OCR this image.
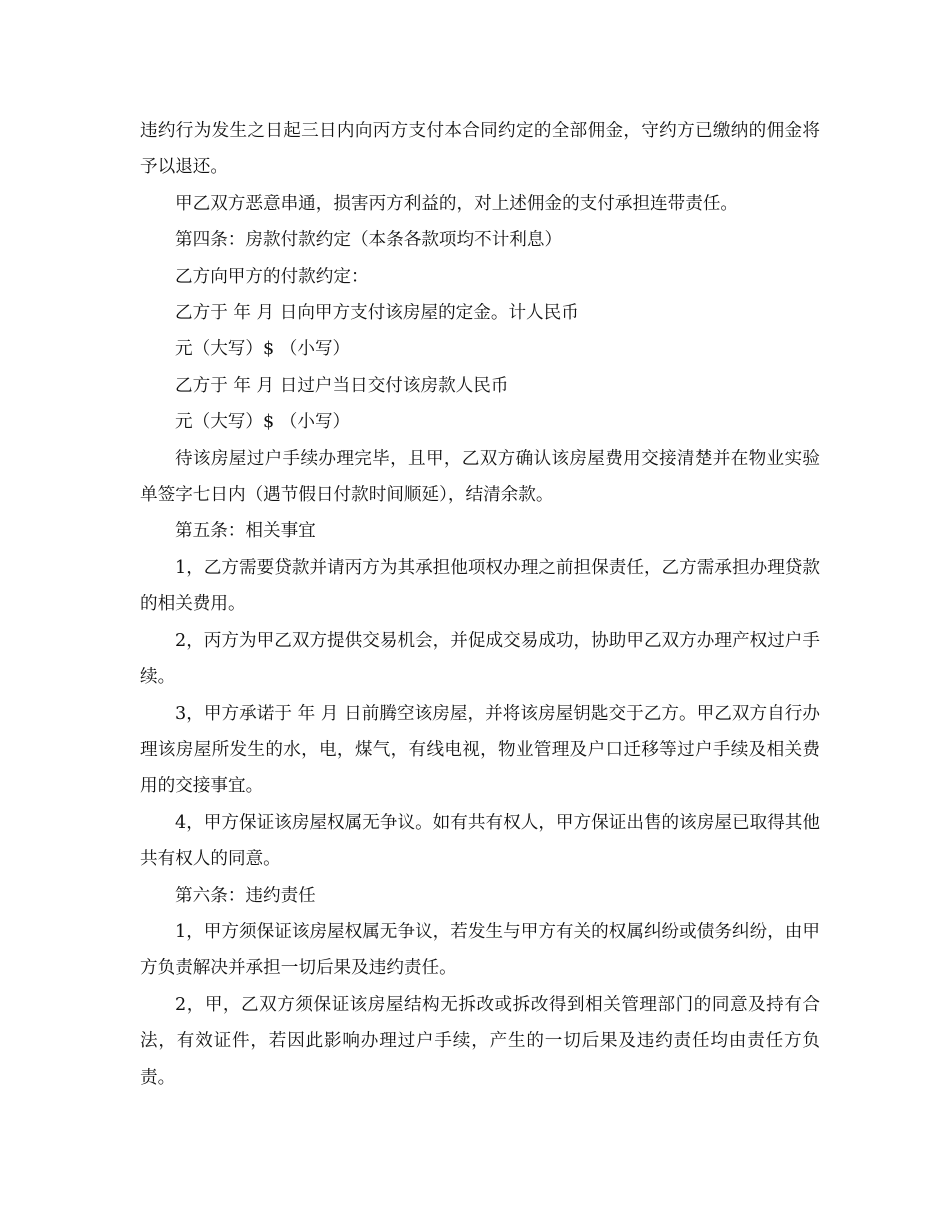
违约行为发生之日起三日内向丙方支付本合同约定的全部佣金，守约方已缴纳的佣金将予以退还。

甲乙双方恶意串通，损害丙方利益的，对上述佣金的支付承担连带责任。

第四条：房款付款约定（本条各款项均不计利息）

乙方向甲方的付款约定：

乙方于 年 月 日向甲方支付该房屋的定金。计人民币

元（大写）$ （小写）

乙方于 年 月 日过户当日交付该房款人民币

元（大写）$ （小写）

待该房屋过户手续办理完毕，且甲，乙双方确认该房屋费用交接清楚并在物业实验单签字七日内（遇节假日付款时间顺延），结清余款。

第五条：相关事宜

1，乙方需要贷款并请丙方为其承担他项权办理之前担保责任，乙方需承担办理贷款的相关费用。

2，丙方为甲乙双方提供交易机会，并促成交易成功，协助甲乙双方办理产权过户手续。

3，甲方承诺于 年 月 日前腾空该房屋，并将该房屋钥匙交于乙方。甲乙双方自行办理该房屋所发生的水，电，煤气，有线电视，物业管理及户口迁移等过户手续及相关费用的交接事宜。

4，甲方保证该房屋权属无争议。如有共有权人，甲方保证出售的该房屋已取得其他共有权人的同意。

第六条：违约责任

1，甲方须保证该房屋权属无争议，若发生与甲方有关的权属纠纷或债务纠纷，由甲方负责解决并承担一切后果及违约责任。

2，甲，乙双方须保证该房屋结构无拆改或拆改得到相关管理部门的同意及持有合法，有效证件，若因此影响办理过户手续，产生的一切后果及违约责任均由责任方负责。
